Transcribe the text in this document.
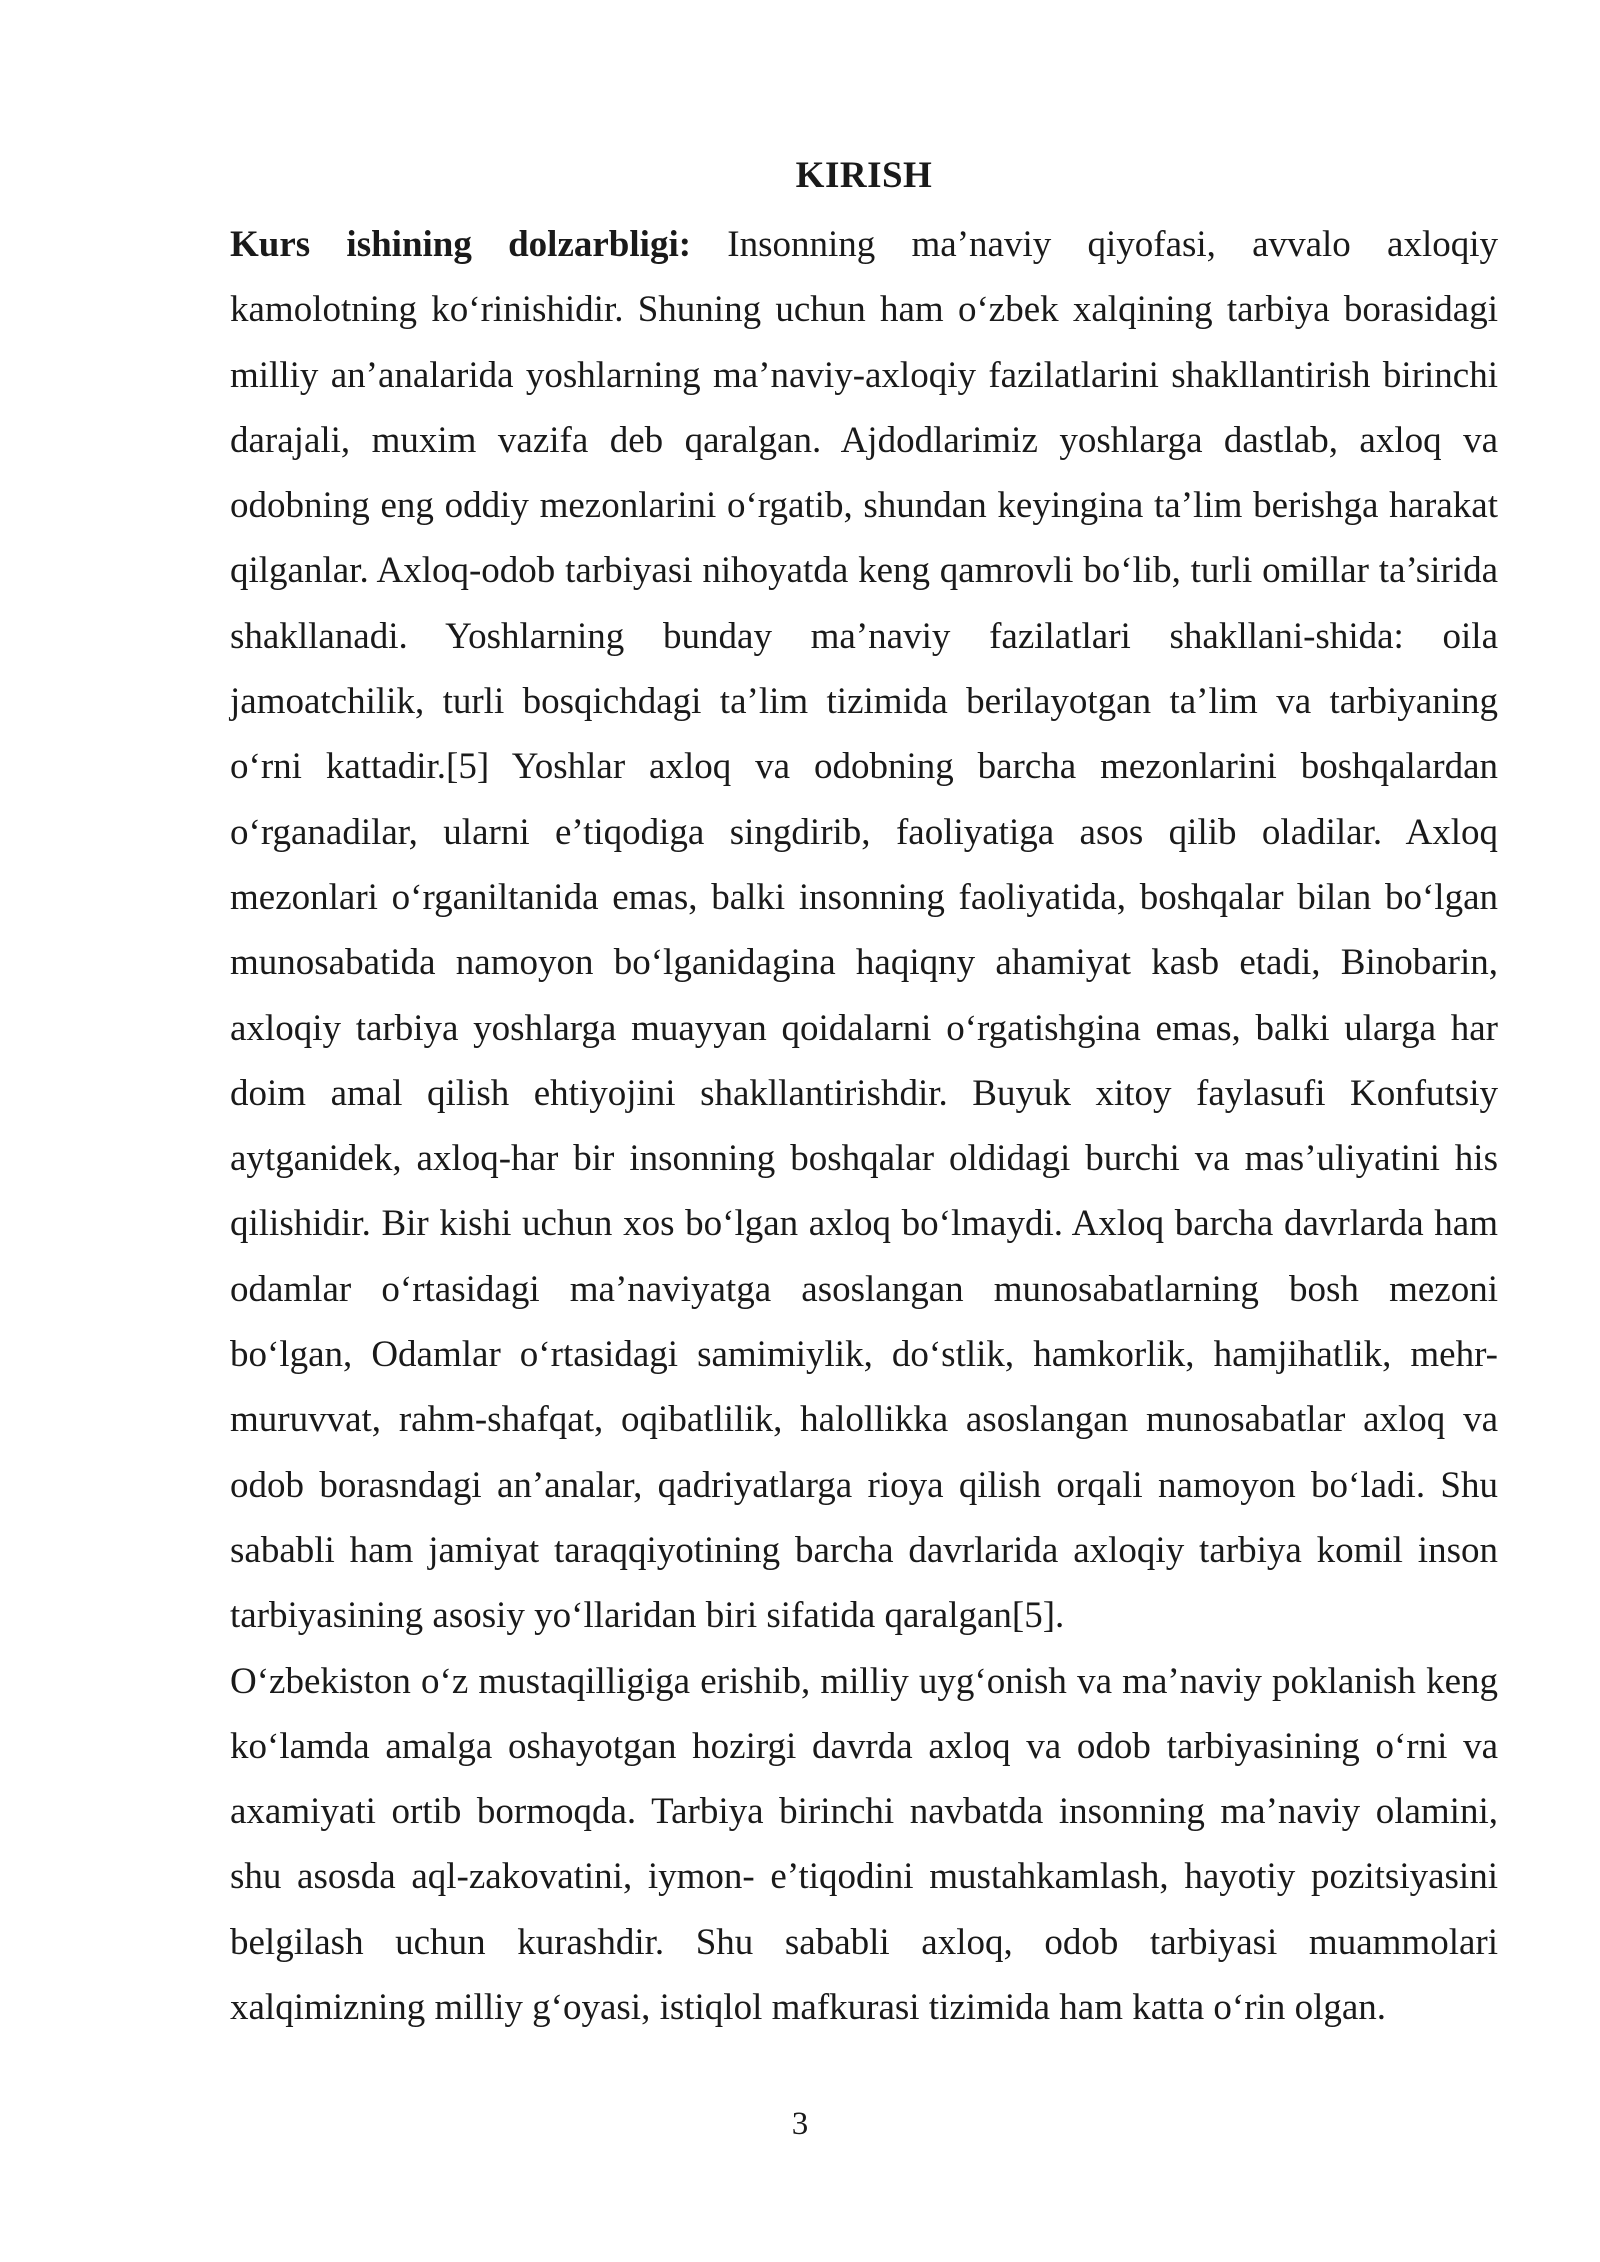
KIRISH

Kurs ishining dolzarbligi: Insonning ma’naviy qiyofasi, avvalo axloqiy kamolotning ko‘rinishidir. Shuning uchun ham o‘zbek xalqining tarbiya borasidagi milliy an’analarida yoshlarning ma’naviy-axloqiy fazilatlarini shakllantirish birinchi darajali, muxim vazifa deb qaralgan. Ajdodlarimiz yoshlarga dastlab, axloq va odobning eng oddiy mezonlarini o‘rgatib, shundan keyingina ta’lim berishga harakat qilganlar. Axloq-odob tarbiyasi nihoyatda keng qamrovli bo‘lib, turli omillar ta’sirida shakllanadi. Yoshlarning bunday ma’naviy fazilatlari shakllani-shida: oila jamoatchilik, turli bosqichdagi ta’lim tizimida berilayotgan ta’lim va tarbiyaning o‘rni kattadir.[5] Yoshlar axloq va odobning barcha mezonlarini boshqalardan o‘rganadilar, ularni e’tiqodiga singdirib, faoliyatiga asos qilib oladilar. Axloq mezonlari o‘rganiltanida emas, balki insonning faoliyatida, boshqalar bilan bo‘lgan munosabatida namoyon bo‘lganidagina haqiqny ahamiyat kasb etadi, Binobarin, axloqiy tarbiya yoshlarga muayyan qoidalarni o‘rgatishgina emas, balki ularga har doim amal qilish ehtiyojini shakllantirishdir. Buyuk xitoy faylasufi Konfutsiy aytganidek, axloq-har bir insonning boshqalar oldidagi burchi va mas’uliyatini his qilishidir. Bir kishi uchun xos bo‘lgan axloq bo‘lmaydi. Axloq barcha davrlarda ham odamlar o‘rtasidagi ma’naviyatga asoslangan munosabatlarning bosh mezoni bo‘lgan, Odamlar o‘rtasidagi samimiylik, do‘stlik, hamkorlik, hamjihatlik, mehr-muruvvat, rahm-shafqat, oqibatlilik, halollikka asoslangan munosabatlar axloq va odob borasndagi an’analar, qadriyatlarga rioya qilish orqali namoyon bo‘ladi. Shu sababli ham jamiyat taraqqiyotining barcha davrlarida axloqiy tarbiya komil inson tarbiyasining asosiy yo‘llaridan biri sifatida qaralgan[5].

O‘zbekiston o‘z mustaqilligiga erishib, milliy uyg‘onish va ma’naviy poklanish keng ko‘lamda amalga oshayotgan hozirgi davrda axloq va odob tarbiyasining o‘rni va axamiyati ortib bormoqda. Tarbiya birinchi navbatda insonning ma’naviy olamini, shu asosda aql-zakovatini, iymon- e’tiqodini mustahkamlash, hayotiy pozitsiyasini belgilash uchun kurashdir. Shu sababli axloq, odob tarbiyasi muammolari xalqimizning milliy g‘oyasi, istiqlol mafkurasi tizimida ham katta o‘rin olgan.

3
